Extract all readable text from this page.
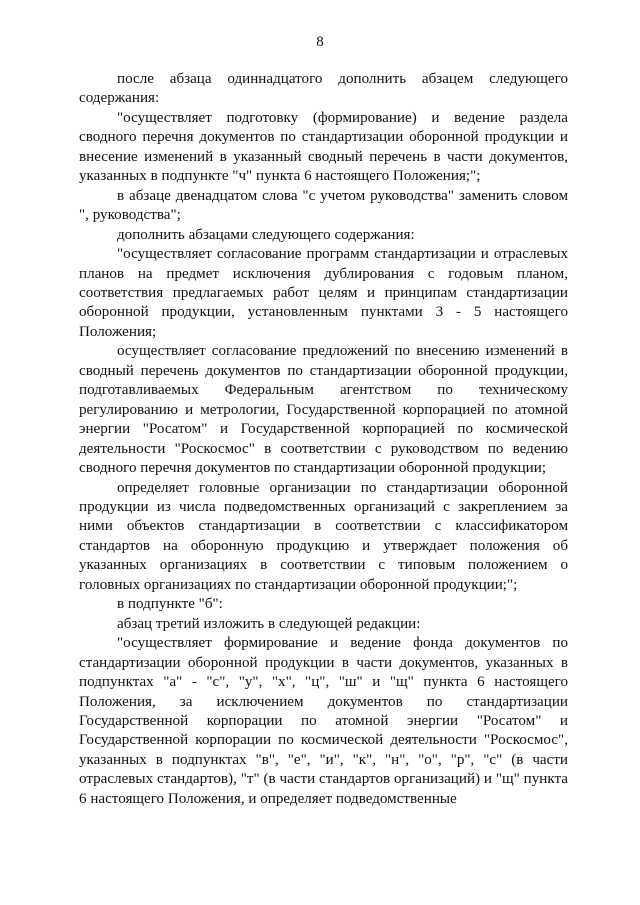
8

после абзаца одиннадцатого дополнить абзацем следующего содержания:

"осуществляет подготовку (формирование) и ведение раздела сводного перечня документов по стандартизации оборонной продукции и внесение изменений в указанный сводный перечень в части документов, указанных в подпункте "ч" пункта 6 настоящего Положения;";

в абзаце двенадцатом слова "с учетом руководства" заменить словом ", руководства";

дополнить абзацами следующего содержания:

"осуществляет согласование программ стандартизации и отраслевых планов на предмет исключения дублирования с годовым планом, соответствия предлагаемых работ целям и принципам стандартизации оборонной продукции, установленным пунктами 3 - 5 настоящего Положения;

осуществляет согласование предложений по внесению изменений в сводный перечень документов по стандартизации оборонной продукции, подготавливаемых Федеральным агентством по техническому регулированию и метрологии, Государственной корпорацией по атомной энергии "Росатом" и Государственной корпорацией по космической деятельности "Роскосмос" в соответствии с руководством по ведению сводного перечня документов по стандартизации оборонной продукции;

определяет головные организации по стандартизации оборонной продукции из числа подведомственных организаций с закреплением за ними объектов стандартизации в соответствии с классификатором стандартов на оборонную продукцию и утверждает положения об указанных организациях в соответствии с типовым положением о головных организациях по стандартизации оборонной продукции;";

в подпункте "б":

абзац третий изложить в следующей редакции:

"осуществляет формирование и ведение фонда документов по стандартизации оборонной продукции в части документов, указанных в подпунктах "а" - "с", "у", "х", "ц", "ш" и "щ" пункта 6 настоящего Положения, за исключением документов по стандартизации Государственной корпорации по атомной энергии "Росатом" и Государственной корпорации по космической деятельности "Роскосмос", указанных в подпунктах "в", "е", "и", "к", "н", "о", "р", "с" (в части отраслевых стандартов), "т" (в части стандартов организаций) и "щ" пункта 6 настоящего Положения, и определяет подведомственные
